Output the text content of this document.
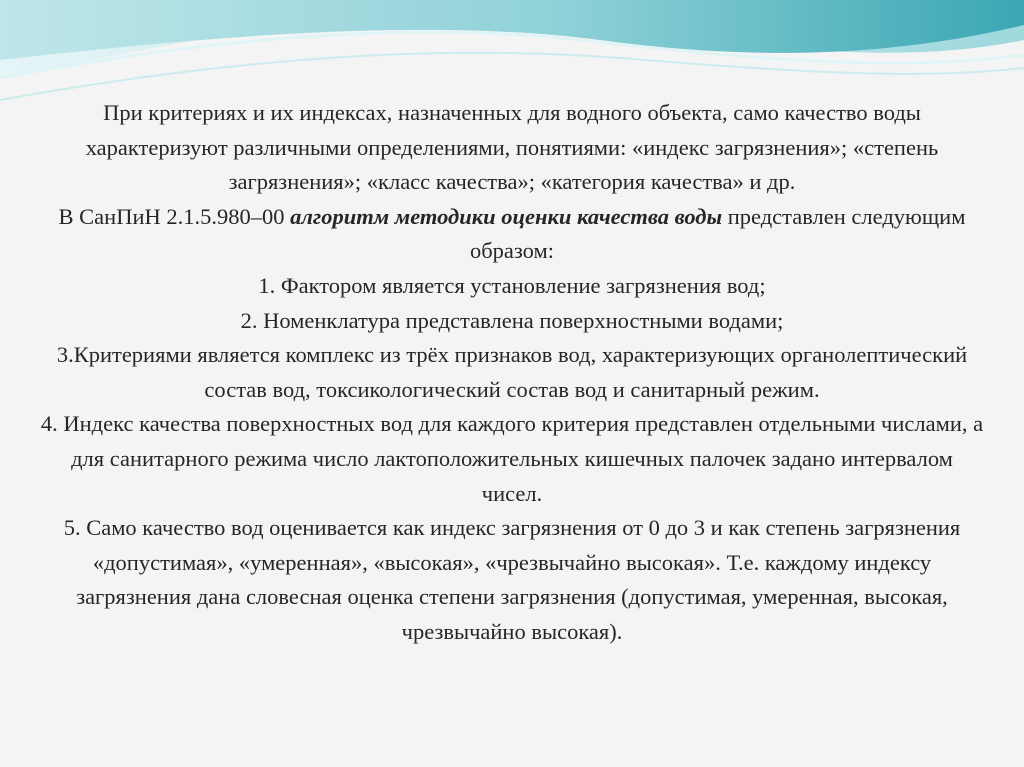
При критериях и их индексах, назначенных для водного объекта, само качество воды характеризуют различными определениями, понятиями: «индекс загрязнения»; «степень загрязнения»; «класс качества»; «категория качества» и др.

В СанПиН 2.1.5.980–00 алгоритм методики оценки качества воды представлен следующим образом:

1. Фактором является установление загрязнения вод;

2. Номенклатура представлена поверхностными водами;

3.Критериями является комплекс из трёх признаков вод, характеризующих органолептический состав вод, токсикологический состав вод и санитарный режим.

4. Индекс качества поверхностных вод для каждого критерия представлен отдельными числами, а для санитарного режима число лактоположительных кишечных палочек задано интервалом чисел.

5. Само качество вод оценивается как индекс загрязнения от 0 до 3 и как степень загрязнения «допустимая», «умеренная», «высокая», «чрезвычайно высокая». Т.е. каждому индексу загрязнения дана словесная оценка степени загрязнения (допустимая, умеренная, высокая, чрезвычайно высокая).
